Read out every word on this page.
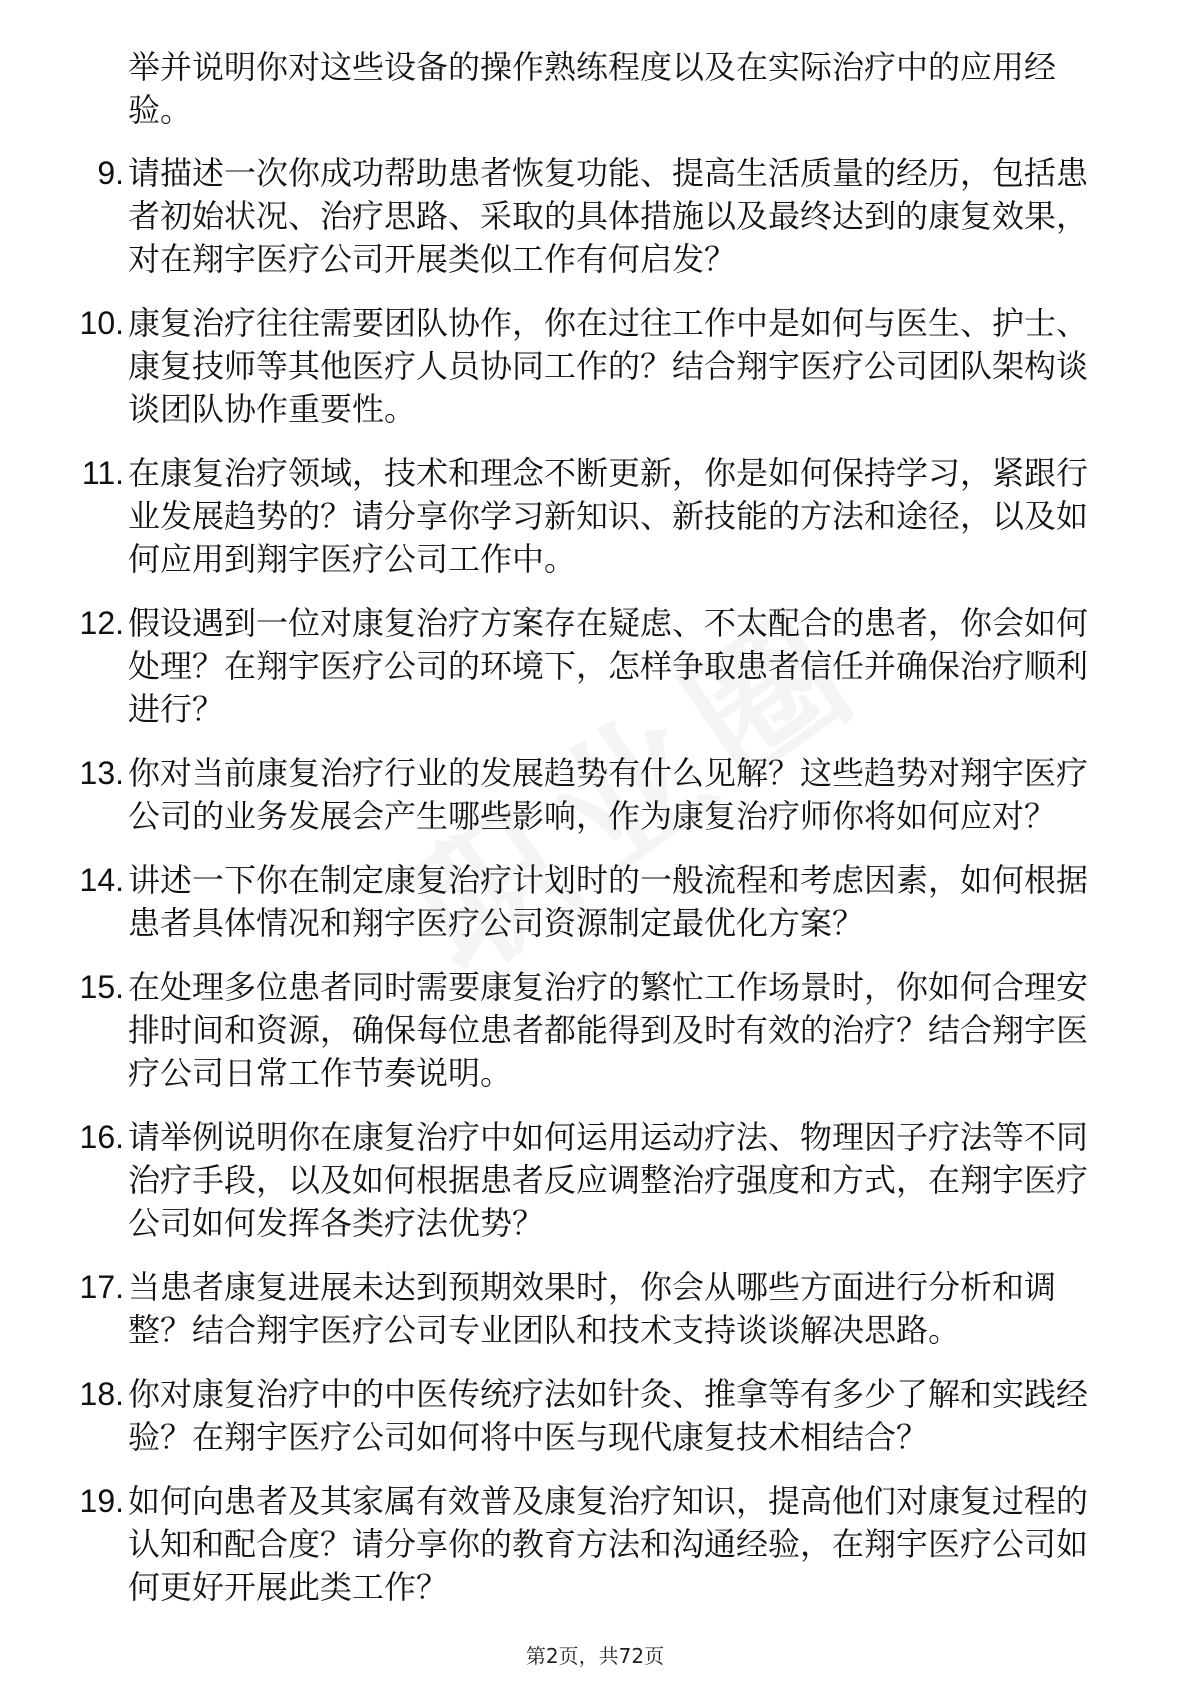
举并说明你对这些设备的操作熟练程度以及在实际治疗中的应用经验。
9. 请描述一次你成功帮助患者恢复功能、提高生活质量的经历，包括患者初始状况、治疗思路、采取的具体措施以及最终达到的康复效果，对在翔宇医疗公司开展类似工作有何启发？
10. 康复治疗往往需要团队协作，你在过往工作中是如何与医生、护士、康复技师等其他医疗人员协同工作的？结合翔宇医疗公司团队架构谈谈团队协作重要性。
11. 在康复治疗领域，技术和理念不断更新，你是如何保持学习，紧跟行业发展趋势的？请分享你学习新知识、新技能的方法和途径，以及如何应用到翔宇医疗公司工作中。
12. 假设遇到一位对康复治疗方案存在疑虑、不太配合的患者，你会如何处理？在翔宇医疗公司的环境下，怎样争取患者信任并确保治疗顺利进行？
13. 你对当前康复治疗行业的发展趋势有什么见解？这些趋势对翔宇医疗公司的业务发展会产生哪些影响，作为康复治疗师你将如何应对？
14. 讲述一下你在制定康复治疗计划时的一般流程和考虑因素，如何根据患者具体情况和翔宇医疗公司资源制定最优化方案？
15. 在处理多位患者同时需要康复治疗的繁忙工作场景时，你如何合理安排时间和资源，确保每位患者都能得到及时有效的治疗？结合翔宇医疗公司日常工作节奏说明。
16. 请举例说明你在康复治疗中如何运用运动疗法、物理因子疗法等不同治疗手段，以及如何根据患者反应调整治疗强度和方式，在翔宇医疗公司如何发挥各类疗法优势？
17. 当患者康复进展未达到预期效果时，你会从哪些方面进行分析和调整？结合翔宇医疗公司专业团队和技术支持谈谈解决思路。
18. 你对康复治疗中的中医传统疗法如针灸、推拿等有多少了解和实践经验？在翔宇医疗公司如何将中医与现代康复技术相结合？
19. 如何向患者及其家属有效普及康复治疗知识，提高他们对康复过程的认知和配合度？请分享你的教育方法和沟通经验，在翔宇医疗公司如何更好开展此类工作？
第2页，共72页
